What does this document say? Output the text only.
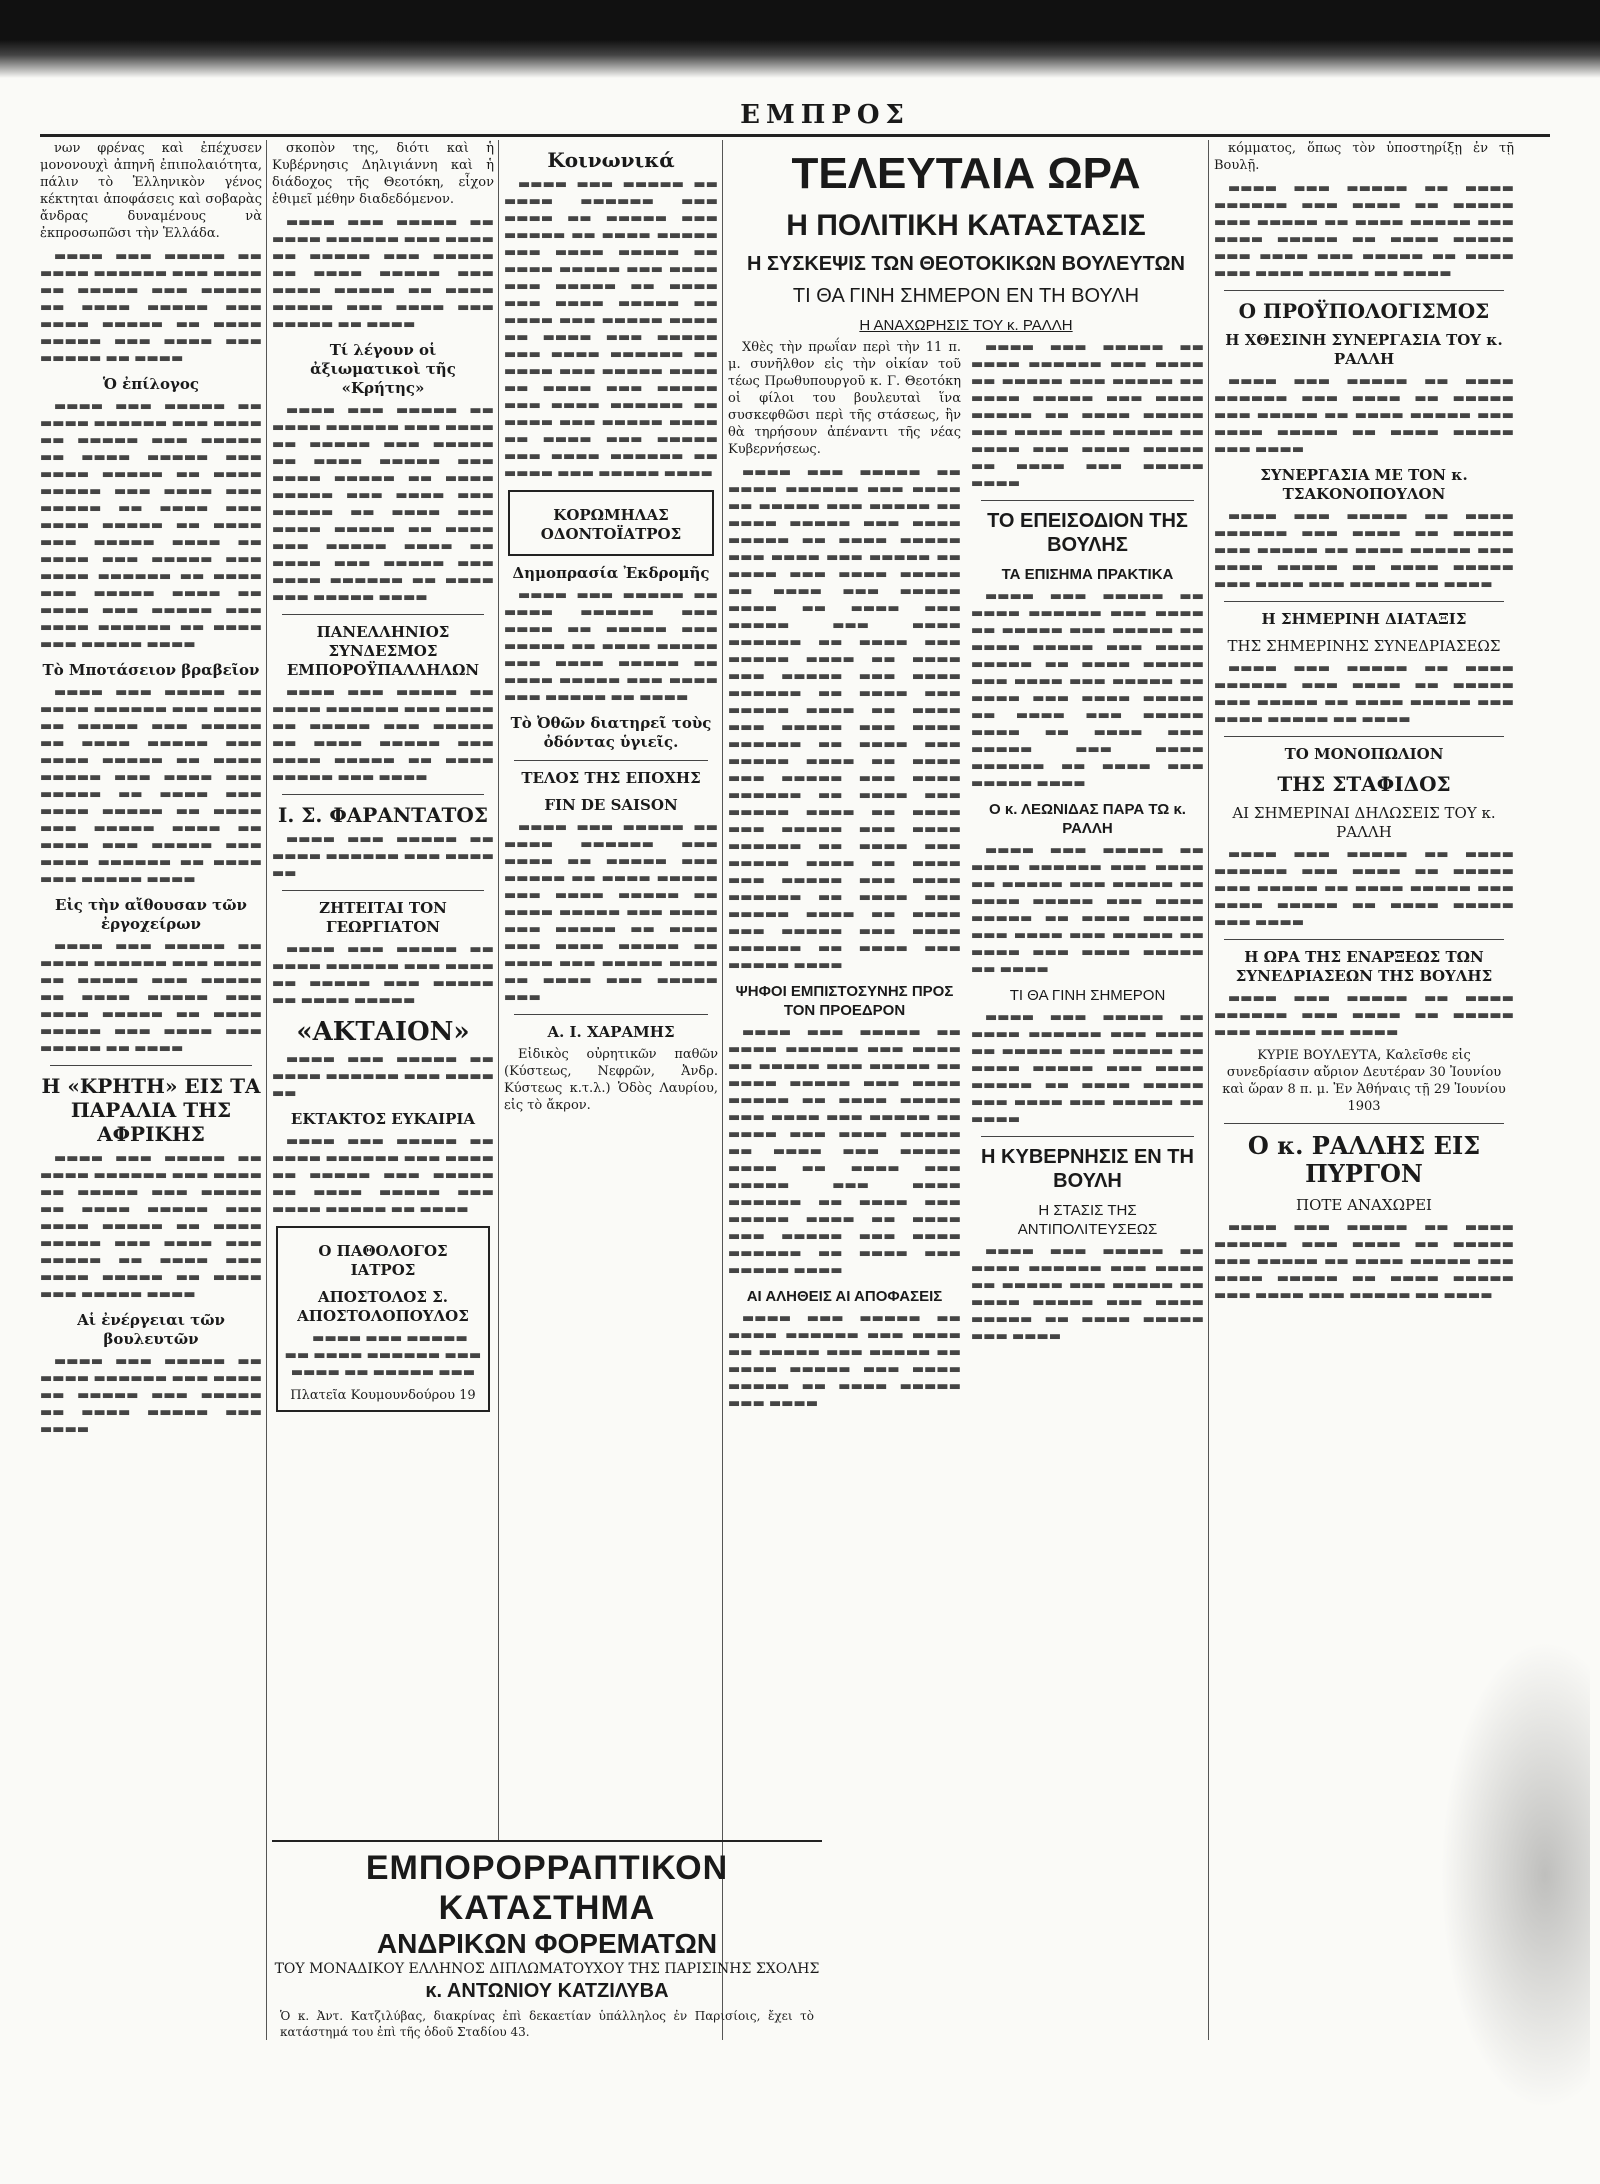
ΕΜΠΡΟΣ

νων φρένας καὶ ἐπέχυσεν μονονουχὶ ἀπηνῆ ἐπιπολαιότητα, πάλιν τὸ Ἑλληνικὸν γένος κέκτηται ἀποφάσεις καὶ σοβαρὰς ἄνδρας δυναμένους νὰ ἐκπροσωπῶσι τὴν Ἑλλάδα.

▬▬▬▬ ▬▬▬ ▬▬▬▬▬ ▬▬ ▬▬▬▬ ▬▬▬▬▬▬ ▬▬▬ ▬▬▬▬ ▬▬ ▬▬▬▬▬ ▬▬▬ ▬▬▬▬▬ ▬▬ ▬▬▬▬ ▬▬▬▬▬ ▬▬▬ ▬▬▬▬ ▬▬▬▬▬ ▬▬ ▬▬▬▬ ▬▬▬▬▬ ▬▬▬ ▬▬▬▬ ▬▬▬ ▬▬▬▬▬ ▬▬ ▬▬▬▬

Ὁ ἐπίλογος

▬▬▬▬ ▬▬▬ ▬▬▬▬▬ ▬▬ ▬▬▬▬ ▬▬▬▬▬▬ ▬▬▬ ▬▬▬▬ ▬▬ ▬▬▬▬▬ ▬▬▬ ▬▬▬▬▬ ▬▬ ▬▬▬▬ ▬▬▬▬▬ ▬▬▬ ▬▬▬▬ ▬▬▬▬▬ ▬▬ ▬▬▬▬ ▬▬▬▬▬ ▬▬▬ ▬▬▬▬ ▬▬▬ ▬▬▬▬▬ ▬▬ ▬▬▬▬ ▬▬▬ ▬▬▬▬ ▬▬▬▬▬ ▬▬ ▬▬▬▬ ▬▬▬ ▬▬▬▬▬ ▬▬▬▬ ▬▬ ▬▬▬▬ ▬▬▬ ▬▬▬▬▬ ▬▬▬ ▬▬▬▬ ▬▬▬▬▬▬ ▬▬ ▬▬▬▬ ▬▬▬ ▬▬▬▬▬ ▬▬▬▬ ▬▬ ▬▬▬▬ ▬▬▬ ▬▬▬▬▬ ▬▬▬ ▬▬▬▬ ▬▬▬▬▬▬ ▬▬ ▬▬▬▬ ▬▬▬ ▬▬▬▬▬ ▬▬▬▬

Τὸ Μποτάσειον βραβεῖον

▬▬▬▬ ▬▬▬ ▬▬▬▬▬ ▬▬ ▬▬▬▬ ▬▬▬▬▬▬ ▬▬▬ ▬▬▬▬ ▬▬ ▬▬▬▬▬ ▬▬▬ ▬▬▬▬▬ ▬▬ ▬▬▬▬ ▬▬▬▬▬ ▬▬▬ ▬▬▬▬ ▬▬▬▬▬ ▬▬ ▬▬▬▬ ▬▬▬▬▬ ▬▬▬ ▬▬▬▬ ▬▬▬ ▬▬▬▬▬ ▬▬ ▬▬▬▬ ▬▬▬ ▬▬▬▬ ▬▬▬▬▬ ▬▬ ▬▬▬▬ ▬▬▬ ▬▬▬▬▬ ▬▬▬▬ ▬▬ ▬▬▬▬ ▬▬▬ ▬▬▬▬▬ ▬▬▬ ▬▬▬▬ ▬▬▬▬▬▬ ▬▬ ▬▬▬▬ ▬▬▬ ▬▬▬▬▬ ▬▬▬▬

Εἰς τὴν αἴθουσαν τῶν ἐργοχείρων

▬▬▬▬ ▬▬▬ ▬▬▬▬▬ ▬▬ ▬▬▬▬ ▬▬▬▬▬▬ ▬▬▬ ▬▬▬▬ ▬▬ ▬▬▬▬▬ ▬▬▬ ▬▬▬▬▬ ▬▬ ▬▬▬▬ ▬▬▬▬▬ ▬▬▬ ▬▬▬▬ ▬▬▬▬▬ ▬▬ ▬▬▬▬ ▬▬▬▬▬ ▬▬▬ ▬▬▬▬ ▬▬▬ ▬▬▬▬▬ ▬▬ ▬▬▬▬

Η «ΚΡΗΤΗ» ΕΙΣ ΤΑ ΠΑΡΑΛΙΑ ΤΗΣ ΑΦΡΙΚΗΣ

▬▬▬▬ ▬▬▬ ▬▬▬▬▬ ▬▬ ▬▬▬▬ ▬▬▬▬▬▬ ▬▬▬ ▬▬▬▬ ▬▬ ▬▬▬▬▬ ▬▬▬ ▬▬▬▬▬ ▬▬ ▬▬▬▬ ▬▬▬▬▬ ▬▬▬ ▬▬▬▬ ▬▬▬▬▬ ▬▬ ▬▬▬▬ ▬▬▬▬▬ ▬▬▬ ▬▬▬▬ ▬▬▬ ▬▬▬▬▬ ▬▬ ▬▬▬▬ ▬▬▬ ▬▬▬▬ ▬▬▬▬▬ ▬▬ ▬▬▬▬ ▬▬▬ ▬▬▬▬▬ ▬▬▬▬

Αἱ ἐνέργειαι τῶν βουλευτῶν

▬▬▬▬ ▬▬▬ ▬▬▬▬▬ ▬▬ ▬▬▬▬ ▬▬▬▬▬▬ ▬▬▬ ▬▬▬▬ ▬▬ ▬▬▬▬▬ ▬▬▬ ▬▬▬▬▬ ▬▬ ▬▬▬▬ ▬▬▬▬▬ ▬▬▬ ▬▬▬▬

σκοπὸν της, διότι καὶ ἡ Κυβέρνησις Δηλιγιάννη καὶ ἡ διάδοχος τῆς Θεοτόκη, εἶχον ἐθιμεῖ μέθην διαδεδόμενον.

▬▬▬▬ ▬▬▬ ▬▬▬▬▬ ▬▬ ▬▬▬▬ ▬▬▬▬▬▬ ▬▬▬ ▬▬▬▬ ▬▬ ▬▬▬▬▬ ▬▬▬ ▬▬▬▬▬ ▬▬ ▬▬▬▬ ▬▬▬▬▬ ▬▬▬ ▬▬▬▬ ▬▬▬▬▬ ▬▬ ▬▬▬▬ ▬▬▬▬▬ ▬▬▬ ▬▬▬▬ ▬▬▬ ▬▬▬▬▬ ▬▬ ▬▬▬▬

Τί λέγουν οἱ ἀξιωματικοὶ τῆς «Κρήτης»

▬▬▬▬ ▬▬▬ ▬▬▬▬▬ ▬▬ ▬▬▬▬ ▬▬▬▬▬▬ ▬▬▬ ▬▬▬▬ ▬▬ ▬▬▬▬▬ ▬▬▬ ▬▬▬▬▬ ▬▬ ▬▬▬▬ ▬▬▬▬▬ ▬▬▬ ▬▬▬▬ ▬▬▬▬▬ ▬▬ ▬▬▬▬ ▬▬▬▬▬ ▬▬▬ ▬▬▬▬ ▬▬▬ ▬▬▬▬▬ ▬▬ ▬▬▬▬ ▬▬▬ ▬▬▬▬ ▬▬▬▬▬ ▬▬ ▬▬▬▬ ▬▬▬ ▬▬▬▬▬ ▬▬▬▬ ▬▬ ▬▬▬▬ ▬▬▬ ▬▬▬▬▬ ▬▬▬ ▬▬▬▬ ▬▬▬▬▬▬ ▬▬ ▬▬▬▬ ▬▬▬ ▬▬▬▬▬ ▬▬▬▬

ΠΑΝΕΛΛΗΝΙΟΣ ΣΥΝΔΕΣΜΟΣ ΕΜΠΟΡΟΫΠΑΛΛΗΛΩΝ

▬▬▬▬ ▬▬▬ ▬▬▬▬▬ ▬▬ ▬▬▬▬ ▬▬▬▬▬▬ ▬▬▬ ▬▬▬▬ ▬▬ ▬▬▬▬▬ ▬▬▬ ▬▬▬▬▬ ▬▬ ▬▬▬▬ ▬▬▬▬▬ ▬▬▬ ▬▬▬▬ ▬▬▬▬▬ ▬▬ ▬▬▬▬ ▬▬▬▬▬ ▬▬▬ ▬▬▬▬

Ι. Σ. ΦΑΡΑΝΤΑΤΟΣ

▬▬▬▬ ▬▬▬ ▬▬▬▬▬ ▬▬ ▬▬▬▬ ▬▬▬▬▬▬ ▬▬▬ ▬▬▬▬ ▬▬

ΖΗΤΕΙΤΑΙ ΤΟΝ ΓΕΩΡΓΙΑΤΟΝ

▬▬▬▬ ▬▬▬ ▬▬▬▬▬ ▬▬ ▬▬▬▬ ▬▬▬▬▬▬ ▬▬▬ ▬▬▬▬ ▬▬ ▬▬▬▬▬ ▬▬▬ ▬▬▬▬▬ ▬▬ ▬▬▬▬ ▬▬▬▬▬

«ΑΚΤΑΙΟΝ»

▬▬▬▬ ▬▬▬ ▬▬▬▬▬ ▬▬ ▬▬▬▬ ▬▬▬▬▬▬ ▬▬▬ ▬▬▬▬ ▬▬

ΕΚΤΑΚΤΟΣ ΕΥΚΑΙΡΙΑ

▬▬▬▬ ▬▬▬ ▬▬▬▬▬ ▬▬ ▬▬▬▬ ▬▬▬▬▬▬ ▬▬▬ ▬▬▬▬ ▬▬ ▬▬▬▬▬ ▬▬▬ ▬▬▬▬▬ ▬▬ ▬▬▬▬ ▬▬▬▬▬ ▬▬▬ ▬▬▬▬ ▬▬▬▬▬ ▬▬ ▬▬▬▬

Ο ΠΑΘΟΛΟΓΟΣ ΙΑΤΡΟΣ
ΑΠΟΣΤΟΛΟΣ Σ. ΑΠΟΣΤΟΛΟΠΟΥΛΟΣ

▬▬▬▬ ▬▬▬ ▬▬▬▬▬ ▬▬ ▬▬▬▬ ▬▬▬▬▬▬ ▬▬▬ ▬▬▬▬ ▬▬ ▬▬▬▬▬ ▬▬▬

Πλατεῖα Κουμουνδούρου 19
Κοινωνικά

▬▬▬▬ ▬▬▬ ▬▬▬▬▬ ▬▬ ▬▬▬▬ ▬▬▬▬▬▬ ▬▬▬ ▬▬▬▬ ▬▬ ▬▬▬▬▬ ▬▬▬ ▬▬▬▬▬ ▬▬ ▬▬▬▬ ▬▬▬▬▬ ▬▬▬ ▬▬▬▬ ▬▬▬▬▬ ▬▬ ▬▬▬▬ ▬▬▬▬▬ ▬▬▬ ▬▬▬▬ ▬▬▬ ▬▬▬▬▬ ▬▬ ▬▬▬▬ ▬▬▬ ▬▬▬▬ ▬▬▬▬▬ ▬▬ ▬▬▬▬ ▬▬▬ ▬▬▬▬▬ ▬▬▬▬ ▬▬ ▬▬▬▬ ▬▬▬ ▬▬▬▬▬ ▬▬▬ ▬▬▬▬ ▬▬▬▬▬▬ ▬▬ ▬▬▬▬ ▬▬▬ ▬▬▬▬▬ ▬▬▬▬ ▬▬ ▬▬▬▬ ▬▬▬ ▬▬▬▬▬ ▬▬▬ ▬▬▬▬ ▬▬▬▬▬▬ ▬▬ ▬▬▬▬ ▬▬▬ ▬▬▬▬▬ ▬▬▬▬ ▬▬ ▬▬▬▬ ▬▬▬ ▬▬▬▬▬ ▬▬▬ ▬▬▬▬ ▬▬▬▬▬▬ ▬▬ ▬▬▬▬ ▬▬▬ ▬▬▬▬▬ ▬▬▬▬

ΚΟΡΩΜΗΛΑΣ ΟΔΟΝΤΟΪΑΤΡΟΣ
Δημοπρασία Ἐκδρομῆς

▬▬▬▬ ▬▬▬ ▬▬▬▬▬ ▬▬ ▬▬▬▬ ▬▬▬▬▬▬ ▬▬▬ ▬▬▬▬ ▬▬ ▬▬▬▬▬ ▬▬▬ ▬▬▬▬▬ ▬▬ ▬▬▬▬ ▬▬▬▬▬ ▬▬▬ ▬▬▬▬ ▬▬▬▬▬ ▬▬ ▬▬▬▬ ▬▬▬▬▬ ▬▬▬ ▬▬▬▬ ▬▬▬ ▬▬▬▬▬ ▬▬ ▬▬▬▬

Τὸ Ὀθῶν διατηρεῖ τοὺς ὀδόντας ὑγιεῖς.
ΤΕΛΟΣ ΤΗΣ ΕΠΟΧΗΣ
FIN DE SAISON

▬▬▬▬ ▬▬▬ ▬▬▬▬▬ ▬▬ ▬▬▬▬ ▬▬▬▬▬▬ ▬▬▬ ▬▬▬▬ ▬▬ ▬▬▬▬▬ ▬▬▬ ▬▬▬▬▬ ▬▬ ▬▬▬▬ ▬▬▬▬▬ ▬▬▬ ▬▬▬▬ ▬▬▬▬▬ ▬▬ ▬▬▬▬ ▬▬▬▬▬ ▬▬▬ ▬▬▬▬ ▬▬▬ ▬▬▬▬▬ ▬▬ ▬▬▬▬ ▬▬▬ ▬▬▬▬ ▬▬▬▬▬ ▬▬ ▬▬▬▬ ▬▬▬ ▬▬▬▬▬ ▬▬▬▬ ▬▬ ▬▬▬▬ ▬▬▬ ▬▬▬▬▬ ▬▬▬

Α. Ι. ΧΑΡΑΜΗΣ

Εἰδικὸς οὐρητικῶν παθῶν (Κύστεως, Νεφρῶν, Ἀνδρ. Κύστεως κ.τ.λ.) Ὁδὸς Λαυρίου, εἰς τὸ ἄκρον.

ΤΕΛΕΥΤΑΙΑ ΩΡΑ
Η ΠΟΛΙΤΙΚΗ ΚΑΤΑΣΤΑΣΙΣ
Η ΣΥΣΚΕΨΙΣ ΤΩΝ ΘΕΟΤΟΚΙΚΩΝ ΒΟΥΛΕΥΤΩΝ
ΤΙ ΘΑ ΓΙΝΗ ΣΗΜΕΡΟΝ ΕΝ ΤΗ ΒΟΥΛΗ
Η ΑΝΑΧΩΡΗΣΙΣ ΤΟΥ κ. ΡΑΛΛΗ

Χθὲς τὴν πρωΐαν περὶ τὴν 11 π. μ. συνῆλθον εἰς τὴν οἰκίαν τοῦ τέως Πρωθυπουργοῦ κ. Γ. Θεοτόκη οἱ φίλοι του βουλευταὶ ἵνα συσκεφθῶσι περὶ τῆς στάσεως, ἣν θὰ τηρήσουν ἀπέναντι τῆς νέας Κυβερνήσεως.

▬▬▬▬ ▬▬▬ ▬▬▬▬▬ ▬▬ ▬▬▬▬ ▬▬▬▬▬▬ ▬▬▬ ▬▬▬▬ ▬▬ ▬▬▬▬▬ ▬▬▬ ▬▬▬▬▬ ▬▬ ▬▬▬▬ ▬▬▬▬▬ ▬▬▬ ▬▬▬▬ ▬▬▬▬▬ ▬▬ ▬▬▬▬ ▬▬▬▬▬ ▬▬▬ ▬▬▬▬ ▬▬▬ ▬▬▬▬▬ ▬▬ ▬▬▬▬ ▬▬▬ ▬▬▬▬ ▬▬▬▬▬ ▬▬ ▬▬▬▬ ▬▬▬ ▬▬▬▬▬ ▬▬▬▬ ▬▬ ▬▬▬▬ ▬▬▬ ▬▬▬▬▬ ▬▬▬ ▬▬▬▬ ▬▬▬▬▬▬ ▬▬ ▬▬▬▬ ▬▬▬ ▬▬▬▬▬ ▬▬▬▬ ▬▬ ▬▬▬▬ ▬▬▬ ▬▬▬▬▬ ▬▬▬ ▬▬▬▬ ▬▬▬▬▬▬ ▬▬ ▬▬▬▬ ▬▬▬ ▬▬▬▬▬ ▬▬▬▬ ▬▬ ▬▬▬▬ ▬▬▬ ▬▬▬▬▬ ▬▬▬ ▬▬▬▬ ▬▬▬▬▬▬ ▬▬ ▬▬▬▬ ▬▬▬ ▬▬▬▬▬ ▬▬▬▬ ▬▬ ▬▬▬▬ ▬▬▬ ▬▬▬▬▬ ▬▬▬ ▬▬▬▬ ▬▬▬▬▬▬ ▬▬ ▬▬▬▬ ▬▬▬ ▬▬▬▬▬ ▬▬▬▬ ▬▬ ▬▬▬▬ ▬▬▬ ▬▬▬▬▬ ▬▬▬ ▬▬▬▬ ▬▬▬▬▬▬ ▬▬ ▬▬▬▬ ▬▬▬ ▬▬▬▬▬ ▬▬▬▬ ▬▬ ▬▬▬▬ ▬▬▬ ▬▬▬▬▬ ▬▬▬ ▬▬▬▬ ▬▬▬▬▬▬ ▬▬ ▬▬▬▬ ▬▬▬ ▬▬▬▬▬ ▬▬▬▬ ▬▬ ▬▬▬▬ ▬▬▬ ▬▬▬▬▬ ▬▬▬ ▬▬▬▬ ▬▬▬▬▬▬ ▬▬ ▬▬▬▬ ▬▬▬ ▬▬▬▬▬ ▬▬▬▬

ΨΗΦΟΙ ΕΜΠΙΣΤΟΣΥΝΗΣ ΠΡΟΣ ΤΟΝ ΠΡΟΕΔΡΟΝ

▬▬▬▬ ▬▬▬ ▬▬▬▬▬ ▬▬ ▬▬▬▬ ▬▬▬▬▬▬ ▬▬▬ ▬▬▬▬ ▬▬ ▬▬▬▬▬ ▬▬▬ ▬▬▬▬▬ ▬▬ ▬▬▬▬ ▬▬▬▬▬ ▬▬▬ ▬▬▬▬ ▬▬▬▬▬ ▬▬ ▬▬▬▬ ▬▬▬▬▬ ▬▬▬ ▬▬▬▬ ▬▬▬ ▬▬▬▬▬ ▬▬ ▬▬▬▬ ▬▬▬ ▬▬▬▬ ▬▬▬▬▬ ▬▬ ▬▬▬▬ ▬▬▬ ▬▬▬▬▬ ▬▬▬▬ ▬▬ ▬▬▬▬ ▬▬▬ ▬▬▬▬▬ ▬▬▬ ▬▬▬▬ ▬▬▬▬▬▬ ▬▬ ▬▬▬▬ ▬▬▬ ▬▬▬▬▬ ▬▬▬▬ ▬▬ ▬▬▬▬ ▬▬▬ ▬▬▬▬▬ ▬▬▬ ▬▬▬▬ ▬▬▬▬▬▬ ▬▬ ▬▬▬▬ ▬▬▬ ▬▬▬▬▬ ▬▬▬▬

ΑΙ ΑΛΗΘΕΙΣ ΑΙ ΑΠΟΦΑΣΕΙΣ

▬▬▬▬ ▬▬▬ ▬▬▬▬▬ ▬▬ ▬▬▬▬ ▬▬▬▬▬▬ ▬▬▬ ▬▬▬▬ ▬▬ ▬▬▬▬▬ ▬▬▬ ▬▬▬▬▬ ▬▬ ▬▬▬▬ ▬▬▬▬▬ ▬▬▬ ▬▬▬▬ ▬▬▬▬▬ ▬▬ ▬▬▬▬ ▬▬▬▬▬ ▬▬▬ ▬▬▬▬

▬▬▬▬ ▬▬▬ ▬▬▬▬▬ ▬▬ ▬▬▬▬ ▬▬▬▬▬▬ ▬▬▬ ▬▬▬▬ ▬▬ ▬▬▬▬▬ ▬▬▬ ▬▬▬▬▬ ▬▬ ▬▬▬▬ ▬▬▬▬▬ ▬▬▬ ▬▬▬▬ ▬▬▬▬▬ ▬▬ ▬▬▬▬ ▬▬▬▬▬ ▬▬▬ ▬▬▬▬ ▬▬▬ ▬▬▬▬▬ ▬▬ ▬▬▬▬ ▬▬▬ ▬▬▬▬ ▬▬▬▬▬ ▬▬ ▬▬▬▬ ▬▬▬ ▬▬▬▬▬ ▬▬▬▬

ΤΟ ΕΠΕΙΣΟΔΙΟΝ ΤΗΣ ΒΟΥΛΗΣ
ΤΑ ΕΠΙΣΗΜΑ ΠΡΑΚΤΙΚΑ

▬▬▬▬ ▬▬▬ ▬▬▬▬▬ ▬▬ ▬▬▬▬ ▬▬▬▬▬▬ ▬▬▬ ▬▬▬▬ ▬▬ ▬▬▬▬▬ ▬▬▬ ▬▬▬▬▬ ▬▬ ▬▬▬▬ ▬▬▬▬▬ ▬▬▬ ▬▬▬▬ ▬▬▬▬▬ ▬▬ ▬▬▬▬ ▬▬▬▬▬ ▬▬▬ ▬▬▬▬ ▬▬▬ ▬▬▬▬▬ ▬▬ ▬▬▬▬ ▬▬▬ ▬▬▬▬ ▬▬▬▬▬ ▬▬ ▬▬▬▬ ▬▬▬ ▬▬▬▬▬ ▬▬▬▬ ▬▬ ▬▬▬▬ ▬▬▬ ▬▬▬▬▬ ▬▬▬ ▬▬▬▬ ▬▬▬▬▬▬ ▬▬ ▬▬▬▬ ▬▬▬ ▬▬▬▬▬ ▬▬▬▬

Ο κ. ΛΕΩΝΙΔΑΣ ΠΑΡΑ ΤΩ κ. ΡΑΛΛΗ

▬▬▬▬ ▬▬▬ ▬▬▬▬▬ ▬▬ ▬▬▬▬ ▬▬▬▬▬▬ ▬▬▬ ▬▬▬▬ ▬▬ ▬▬▬▬▬ ▬▬▬ ▬▬▬▬▬ ▬▬ ▬▬▬▬ ▬▬▬▬▬ ▬▬▬ ▬▬▬▬ ▬▬▬▬▬ ▬▬ ▬▬▬▬ ▬▬▬▬▬ ▬▬▬ ▬▬▬▬ ▬▬▬ ▬▬▬▬▬ ▬▬ ▬▬▬▬ ▬▬▬ ▬▬▬▬ ▬▬▬▬▬ ▬▬ ▬▬▬▬

ΤΙ ΘΑ ΓΙΝΗ ΣΗΜΕΡΟΝ

▬▬▬▬ ▬▬▬ ▬▬▬▬▬ ▬▬ ▬▬▬▬ ▬▬▬▬▬▬ ▬▬▬ ▬▬▬▬ ▬▬ ▬▬▬▬▬ ▬▬▬ ▬▬▬▬▬ ▬▬ ▬▬▬▬ ▬▬▬▬▬ ▬▬▬ ▬▬▬▬ ▬▬▬▬▬ ▬▬ ▬▬▬▬ ▬▬▬▬▬ ▬▬▬ ▬▬▬▬ ▬▬▬ ▬▬▬▬▬ ▬▬ ▬▬▬▬

Η ΚΥΒΕΡΝΗΣΙΣ ΕΝ ΤΗ ΒΟΥΛΗ
Η ΣΤΑΣΙΣ ΤΗΣ ΑΝΤΙΠΟΛΙΤΕΥΣΕΩΣ

▬▬▬▬ ▬▬▬ ▬▬▬▬▬ ▬▬ ▬▬▬▬ ▬▬▬▬▬▬ ▬▬▬ ▬▬▬▬ ▬▬ ▬▬▬▬▬ ▬▬▬ ▬▬▬▬▬ ▬▬ ▬▬▬▬ ▬▬▬▬▬ ▬▬▬ ▬▬▬▬ ▬▬▬▬▬ ▬▬ ▬▬▬▬ ▬▬▬▬▬ ▬▬▬ ▬▬▬▬

κόμματος, ὅπως τὸν ὑποστηρίξῃ ἐν τῇ Βουλῇ.

▬▬▬▬ ▬▬▬ ▬▬▬▬▬ ▬▬ ▬▬▬▬ ▬▬▬▬▬▬ ▬▬▬ ▬▬▬▬ ▬▬ ▬▬▬▬▬ ▬▬▬ ▬▬▬▬▬ ▬▬ ▬▬▬▬ ▬▬▬▬▬ ▬▬▬ ▬▬▬▬ ▬▬▬▬▬ ▬▬ ▬▬▬▬ ▬▬▬▬▬ ▬▬▬ ▬▬▬▬ ▬▬▬ ▬▬▬▬▬ ▬▬ ▬▬▬▬ ▬▬▬ ▬▬▬▬ ▬▬▬▬▬ ▬▬ ▬▬▬▬

Ο ΠΡΟΫΠΟΛΟΓΙΣΜΟΣ
Η ΧΘΕΣΙΝΗ ΣΥΝΕΡΓΑΣΙΑ ΤΟΥ κ. ΡΑΛΛΗ

▬▬▬▬ ▬▬▬ ▬▬▬▬▬ ▬▬ ▬▬▬▬ ▬▬▬▬▬▬ ▬▬▬ ▬▬▬▬ ▬▬ ▬▬▬▬▬ ▬▬▬ ▬▬▬▬▬ ▬▬ ▬▬▬▬ ▬▬▬▬▬ ▬▬▬ ▬▬▬▬ ▬▬▬▬▬ ▬▬ ▬▬▬▬ ▬▬▬▬▬ ▬▬▬ ▬▬▬▬

ΣΥΝΕΡΓΑΣΙΑ ΜΕ ΤΟΝ κ. ΤΣΑΚΟΝΟΠΟΥΛΟΝ

▬▬▬▬ ▬▬▬ ▬▬▬▬▬ ▬▬ ▬▬▬▬ ▬▬▬▬▬▬ ▬▬▬ ▬▬▬▬ ▬▬ ▬▬▬▬▬ ▬▬▬ ▬▬▬▬▬ ▬▬ ▬▬▬▬ ▬▬▬▬▬ ▬▬▬ ▬▬▬▬ ▬▬▬▬▬ ▬▬ ▬▬▬▬ ▬▬▬▬▬ ▬▬▬ ▬▬▬▬ ▬▬▬ ▬▬▬▬▬ ▬▬ ▬▬▬▬

Η ΣΗΜΕΡΙΝΗ ΔΙΑΤΑΞΙΣ
ΤΗΣ ΣΗΜΕΡΙΝΗΣ ΣΥΝΕΔΡΙΑΣΕΩΣ

▬▬▬▬ ▬▬▬ ▬▬▬▬▬ ▬▬ ▬▬▬▬ ▬▬▬▬▬▬ ▬▬▬ ▬▬▬▬ ▬▬ ▬▬▬▬▬ ▬▬▬ ▬▬▬▬▬ ▬▬ ▬▬▬▬ ▬▬▬▬▬ ▬▬▬ ▬▬▬▬ ▬▬▬▬▬ ▬▬ ▬▬▬▬

ΤΟ ΜΟΝΟΠΩΛΙΟΝ
ΤΗΣ ΣΤΑΦΙΔΟΣ
ΑΙ ΣΗΜΕΡΙΝΑΙ ΔΗΛΩΣΕΙΣ ΤΟΥ κ. ΡΑΛΛΗ

▬▬▬▬ ▬▬▬ ▬▬▬▬▬ ▬▬ ▬▬▬▬ ▬▬▬▬▬▬ ▬▬▬ ▬▬▬▬ ▬▬ ▬▬▬▬▬ ▬▬▬ ▬▬▬▬▬ ▬▬ ▬▬▬▬ ▬▬▬▬▬ ▬▬▬ ▬▬▬▬ ▬▬▬▬▬ ▬▬ ▬▬▬▬ ▬▬▬▬▬ ▬▬▬ ▬▬▬▬

Η ΩΡΑ ΤΗΣ ΕΝΑΡΞΕΩΣ ΤΩΝ ΣΥΝΕΔΡΙΑΣΕΩΝ ΤΗΣ ΒΟΥΛΗΣ

▬▬▬▬ ▬▬▬ ▬▬▬▬▬ ▬▬ ▬▬▬▬ ▬▬▬▬▬▬ ▬▬▬ ▬▬▬▬ ▬▬ ▬▬▬▬▬ ▬▬▬ ▬▬▬▬▬ ▬▬ ▬▬▬▬

ΚΥΡΙΕ ΒΟΥΛΕΥΤΑ, Καλεῖσθε εἰς συνεδρίασιν αὔριον Δευτέραν 30 Ἰουνίου καὶ ὥραν 8 π. μ. Ἐν Ἀθήναις τῇ 29 Ἰουνίου 1903

Ο κ. ΡΑΛΛΗΣ ΕΙΣ ΠΥΡΓΟΝ
ΠΟΤΕ ΑΝΑΧΩΡΕΙ

▬▬▬▬ ▬▬▬ ▬▬▬▬▬ ▬▬ ▬▬▬▬ ▬▬▬▬▬▬ ▬▬▬ ▬▬▬▬ ▬▬ ▬▬▬▬▬ ▬▬▬ ▬▬▬▬▬ ▬▬ ▬▬▬▬ ▬▬▬▬▬ ▬▬▬ ▬▬▬▬ ▬▬▬▬▬ ▬▬ ▬▬▬▬ ▬▬▬▬▬ ▬▬▬ ▬▬▬▬ ▬▬▬ ▬▬▬▬▬ ▬▬ ▬▬▬▬

ΕΜΠΟΡΟΡΡΑΠΤΙΚΟΝ ΚΑΤΑΣΤΗΜΑ
ΑΝΔΡΙΚΩΝ ΦΟΡΕΜΑΤΩΝ
ΤΟΥ ΜΟΝΑΔΙΚΟΥ ΕΛΛΗΝΟΣ ΔΙΠΛΩΜΑΤΟΥΧΟΥ ΤΗΣ ΠΑΡΙΣΙΝΗΣ ΣΧΟΛΗΣ
κ. ΑΝΤΩΝΙΟΥ ΚΑΤΖΙΛΥΒΑ
Ὁ κ. Ἀντ. Κατζιλύβας, διακρίνας ἐπὶ δεκαετίαν ὑπάλληλος ἐν Παρισίοις, ἔχει τὸ κατάστημά του ἐπὶ τῆς ὁδοῦ Σταδίου 43.
